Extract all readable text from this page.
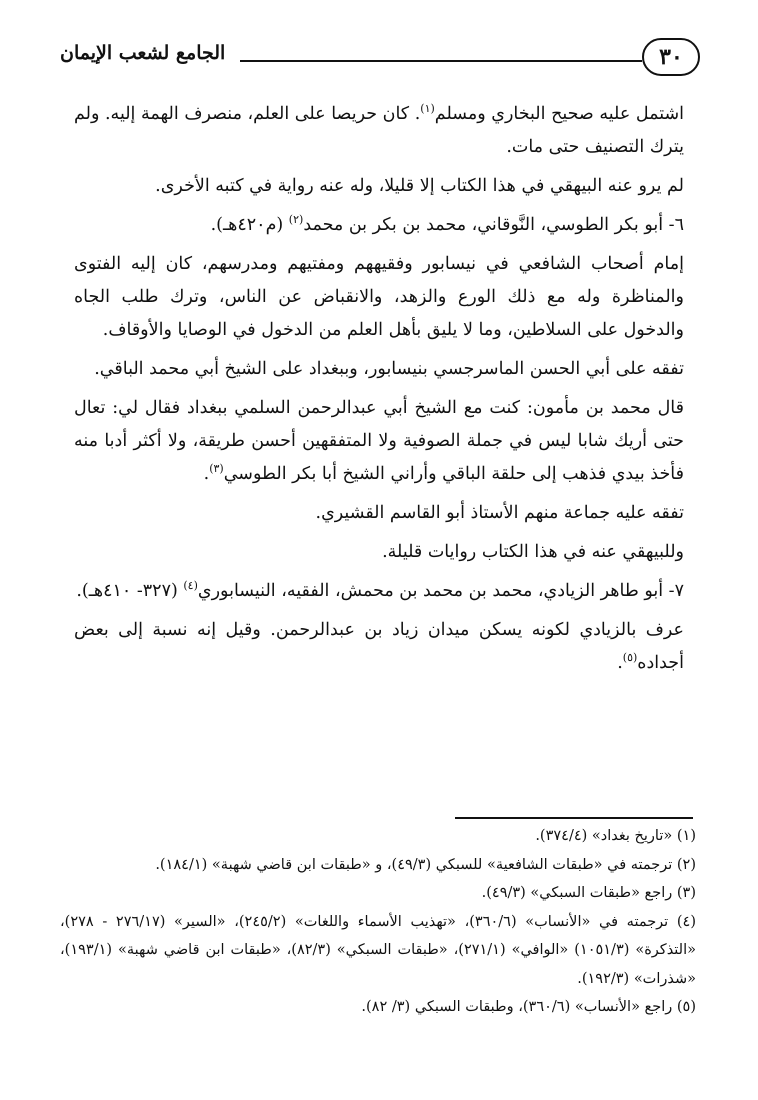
٣٠
الجامع لشعب الإيمان

اشتمل عليه صحيح البخاري ومسلم$^{(١)}$. كان حريصا على العلم، منصرف الهمة إليه. ولم يترك التصنيف حتى مات.

لم يرو عنه البيهقي في هذا الكتاب إلا قليلا، وله عنه رواية في كتبه الأخرى.

٦- أبو بكر الطوسي، النَّوقاني، محمد بن بكر بن محمد$^{(٢)}$ (م٤٢٠هـ).

إمام أصحاب الشافعي في نيسابور وفقيههم ومفتيهم ومدرسهم، كان إليه الفتوى والمناظرة وله مع ذلك الورع والزهد، والانقباض عن الناس، وترك طلب الجاه والدخول على السلاطين، وما لا يليق بأهل العلم من الدخول في الوصايا والأوقاف.

تفقه على أبي الحسن الماسرجسي بنيسابور، وببغداد على الشيخ أبي محمد الباقي.

قال محمد بن مأمون: كنت مع الشيخ أبي عبدالرحمن السلمي ببغداد فقال لي: تعال حتى أريك شابا ليس في جملة الصوفية ولا المتفقهين أحسن طريقة، ولا أكثر أدبا منه فأخذ بيدي فذهب إلى حلقة الباقي وأراني الشيخ أبا بكر الطوسي$^{(٣)}$.

تفقه عليه جماعة منهم الأستاذ أبو القاسم القشيري.

وللبيهقي عنه في هذا الكتاب روايات قليلة.

٧- أبو طاهر الزيادي، محمد بن محمد بن محمش، الفقيه، النيسابوري$^{(٤)}$ (٣٢٧- ٤١٠هـ).

عرف بالزيادي لكونه يسكن ميدان زياد بن عبدالرحمن. وقيل إنه نسبة إلى بعض أجداده$^{(٥)}$.

(١) «تاريخ بغداد» (٣٧٤/٤).

(٢) ترجمته في «طبقات الشافعية» للسبكي (٤٩/٣)، و «طبقات ابن قاضي شهبة» (١٨٤/١).

(٣) راجع «طبقات السبكي» (٤٩/٣).

(٤) ترجمته في «الأنساب» (٣٦٠/٦)، «تهذيب الأسماء واللغات» (٢٤٥/٢)، «السير» (٢٧٦/١٧ - ٢٧٨)، «التذكرة» (١٠٥١/٣) «الوافي» (٢٧١/١)، «طبقات السبكي» (٨٢/٣)، «طبقات ابن قاضي شهبة» (١٩٣/١)، «شذرات» (١٩٢/٣).

(٥) راجع «الأنساب» (٣٦٠/٦)، وطبقات السبكي (٣/ ٨٢).
